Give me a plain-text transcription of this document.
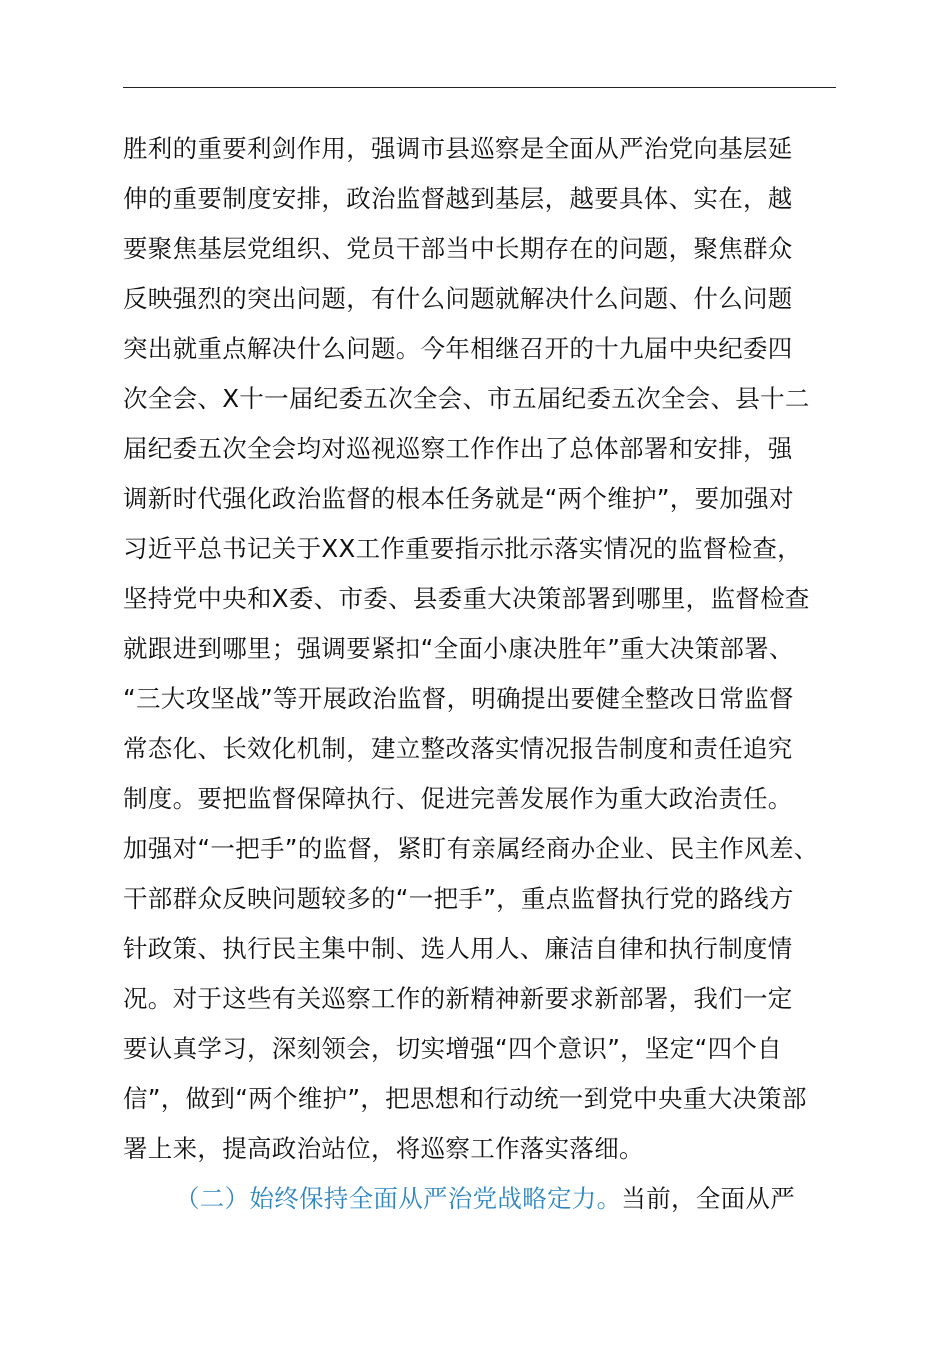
胜利的重要利剑作用，强调市县巡察是全面从严治党向基层延
伸的重要制度安排，政治监督越到基层，越要具体、实在，越
要聚焦基层党组织、党员干部当中长期存在的问题，聚焦群众
反映强烈的突出问题，有什么问题就解决什么问题、什么问题
突出就重点解决什么问题。今年相继召开的十九届中央纪委四
次全会、X十一届纪委五次全会、市五届纪委五次全会、县十二
届纪委五次全会均对巡视巡察工作作出了总体部署和安排，强
调新时代强化政治监督的根本任务就是“两个维护”，要加强对
习近平总书记关于XX工作重要指示批示落实情况的监督检查，
坚持党中央和X委、市委、县委重大决策部署到哪里，监督检查
就跟进到哪里；强调要紧扣“全面小康决胜年”重大决策部署、
“三大攻坚战”等开展政治监督，明确提出要健全整改日常监督
常态化、长效化机制，建立整改落实情况报告制度和责任追究
制度。要把监督保障执行、促进完善发展作为重大政治责任。
加强对“一把手”的监督，紧盯有亲属经商办企业、民主作风差、
干部群众反映问题较多的“一把手”，重点监督执行党的路线方
针政策、执行民主集中制、选人用人、廉洁自律和执行制度情
况。对于这些有关巡察工作的新精神新要求新部署，我们一定
要认真学习，深刻领会，切实增强“四个意识”，坚定“四个自
信”，做到“两个维护”，把思想和行动统一到党中央重大决策部
署上来，提高政治站位，将巡察工作落实落细。
（二）始终保持全面从严治党战略定力。当前，全面从严
